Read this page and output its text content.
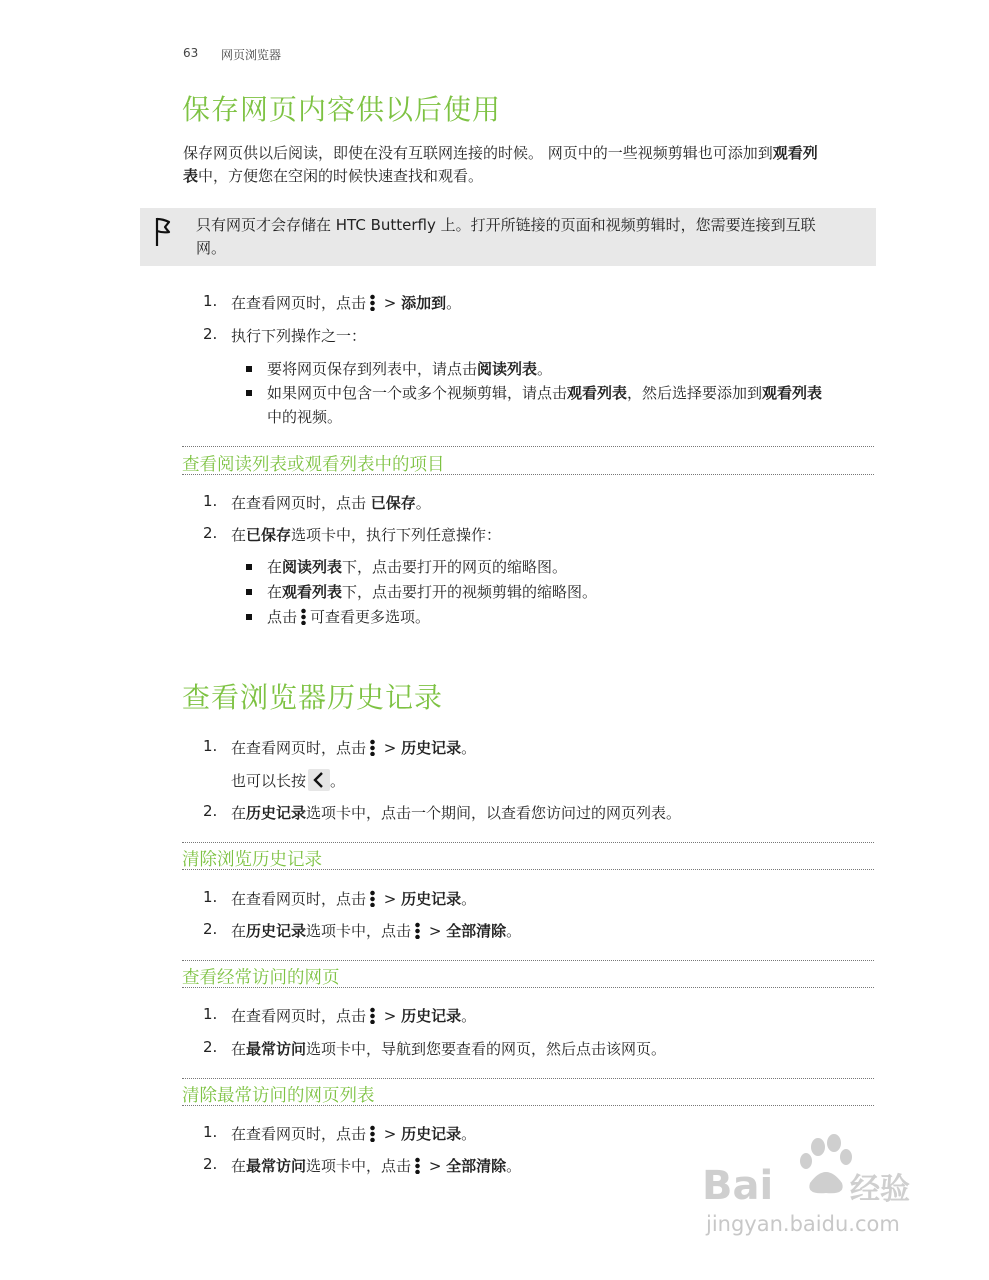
63 网页浏览器
保存网页内容供以后使用
保存网页供以后阅读，即使在没有互联网连接的时候。 网页中的一些视频剪辑也可添加到观看列
表中，方便您在空闲的时候快速查找和观看。
只有网页才会存储在 HTC Butterfly 上。打开所链接的页面和视频剪辑时，您需要连接到互联
网。
1. 在查看网页时，点击 > 添加到。
2. 执行下列操作之一：
要将网页保存到列表中，请点击阅读列表。
如果网页中包含一个或多个视频剪辑，请点击观看列表，然后选择要添加到观看列表
中的视频。
查看阅读列表或观看列表中的项目
1. 在查看网页时，点击 已保存。
2. 在已保存选项卡中，执行下列任意操作：
在阅读列表下，点击要打开的网页的缩略图。
在观看列表下，点击要打开的视频剪辑的缩略图。
点击 可查看更多选项。
查看浏览器历史记录
1. 在查看网页时，点击 > 历史记录。
也可以长按 。
2. 在历史记录选项卡中，点击一个期间，以查看您访问过的网页列表。
清除浏览历史记录
1. 在查看网页时，点击 > 历史记录。
2. 在历史记录选项卡中，点击 > 全部清除。
查看经常访问的网页
1. 在查看网页时，点击 > 历史记录。
2. 在最常访问选项卡中，导航到您要查看的网页，然后点击该网页。
清除最常访问的网页列表
1. 在查看网页时，点击 > 历史记录。
2. 在最常访问选项卡中，点击 > 全部清除。	Bai	经验
jingyan.baidu.com
